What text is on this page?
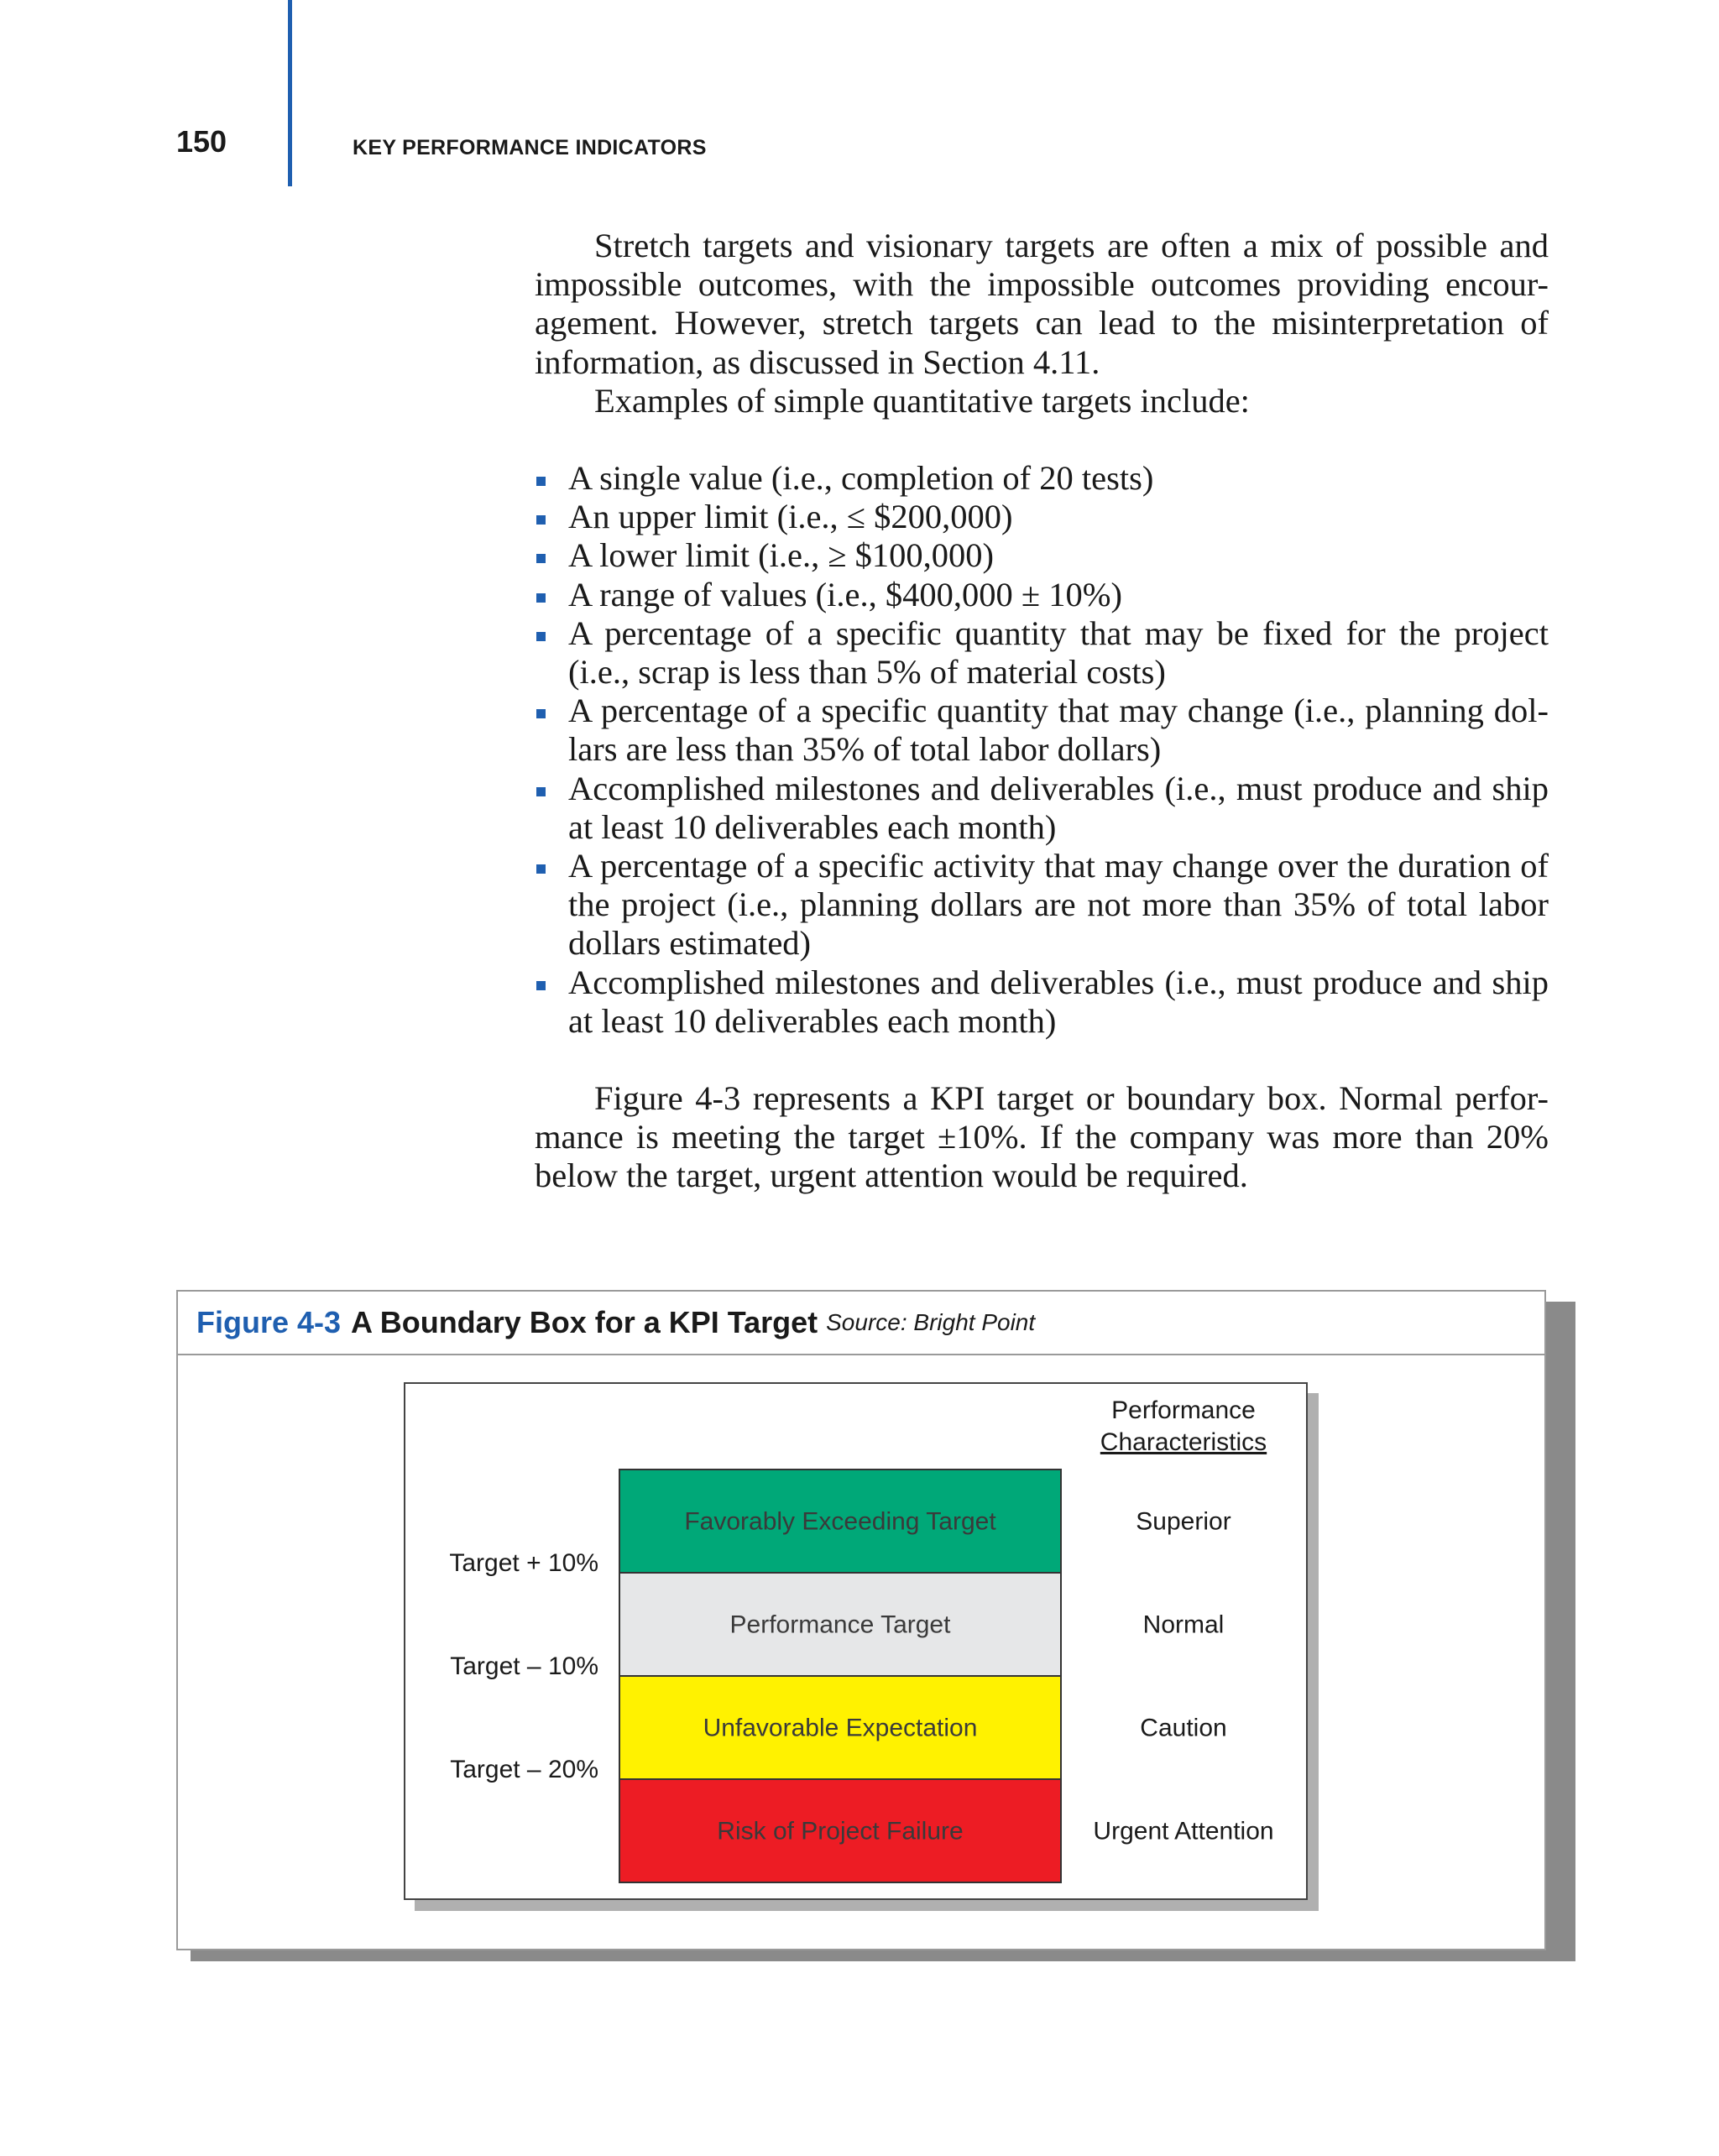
150	KEY PERFORMANCE INDICATORS

Stretch targets and visionary targets are often a mix of possible and impossible outcomes, with the impossible outcomes providing encour-agement. However, stretch targets can lead to the misinterpretation of information, as discussed in Section 4.11.

Examples of simple quantitative targets include:

A single value (i.e., completion of 20 tests)
An upper limit (i.e., ≤ $200,000)
A lower limit (i.e., ≥ $100,000)
A range of values (i.e., $400,000 ± 10%)
A percentage of a specific quantity that may be fixed for the project (i.e., scrap is less than 5% of material costs)
A percentage of a specific quantity that may change (i.e., planning dol-lars are less than 35% of total labor dollars)
Accomplished milestones and deliverables (i.e., must produce and ship at least 10 deliverables each month)
A percentage of a specific activity that may change over the duration of the project (i.e., planning dollars are not more than 35% of total labor dollars estimated)
Accomplished milestones and deliverables (i.e., must produce and ship at least 10 deliverables each month)

Figure 4-3 represents a KPI target or boundary box. Normal perfor-mance is meeting the target ±10%. If the company was more than 20% below the target, urgent attention would be required.

Figure 4-3 A Boundary Box for a KPI Target Source: Bright Point
Performance
Characteristics
Favorably Exceeding Target	Superior
Performance Target	Normal
Unfavorable Expectation	Caution
Risk of Project Failure	Urgent Attention
Target + 10%
Target – 10%
Target – 20%
